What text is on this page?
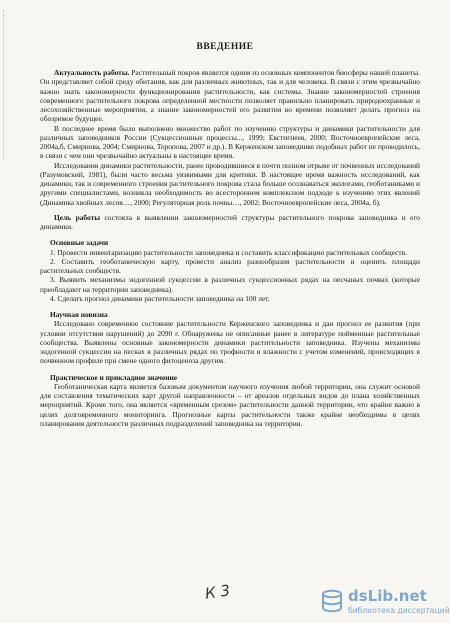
ВВЕДЕНИЕ

Актуальность работы. Растительный покров является одним из основных компонентов биосферы нашей планеты. Он представляет собой среду обитания, как для различных животных, так и для человека. В связи с этим чрезвычайно важно знать закономерности функционирования растительности, как системы. Знание закономерностей строения современного растительного покрова определенной местности позволяет правильно планировать природоохранные и лесохозяйственные мероприятия, а знание закономерностей его развития во времени позволяет делать прогноз на обозримое будущее.

В последнее время было выполнено множество работ по изучению структуры и динамики растительности для различных заповедников России (Сукцессионные процессы..., 1999; Евстигнеев, 2000; Восточноевропейские леса, 2004а,б, Смирнова, 2004; Смирнова, Торопова, 2007 и др.). В Керженском заповеднике подобных работ не проводилось, в связи с чем они чрезвычайно актуальны в настоящее время.

Исследования динамики растительности, ранее проводившиеся в почти полном отрыве от почвенных исследований (Разумовский, 1981), были часто весьма уязвимыми для критики. В настоящее время важность исследований, как динамики, так и современного строения растительного покрова стала больше осознаваться экологами, геоботаниками и другими специалистами, возникла необходимость во всестороннем комплексном подходе к изучению этих явлений (Динамика хвойных лесов…, 2000; Регуляторная роль почвы…, 2002; Восточноевропейские леса, 2004а, б).

Цель работы состояла в выявлении закономерностей структуры растительного покрова заповедника и его динамики.

Основные задачи

1. Провести инвентаризацию растительности заповедника и составить классификацию растительных сообществ.

2. Составить геоботаническую карту, провести анализ разнообразия растительности и оценить площади растительных сообществ.

3. Выявить механизмы эндогенной сукцессии в различных сукцессионных рядах на песчаных почвах (которые преобладают на территории заповедника).

4. Сделать прогноз динамики растительности заповедника на 100 лет.

Научная новизна

Исследовано современное состояние растительности Керженского заповедника и дан прогноз ее развития (при условии отсутствия нарушений) до 2090 г. Обнаружены не описанные ранее в литературе пойменные растительные сообщества. Выявлены основные закономерности динамики растительности заповедника. Изучены механизмы эндогенной сукцессии на песках в различных рядах по трофности и влажности с учетом изменений, происходящих в почвенном профиле при смене одного фитоценоза другим.

Практическое и прикладное значение

Геоботаническая карта является базовым документом научного изучения любой территории, она служит основой для составления тематических карт другой направленности – от ареалов отдельных видов до плана хозяйственных мероприятий. Кроме того, она является «временным срезом» растительности данной территории, что крайне важно в целях долговременного мониторинга. Прогнозные карты растительности также крайне необходимы в целях планирования деятельности различных подразделений заповедника на территории.

К 3	dsLib.net
библиотека диссертаций
